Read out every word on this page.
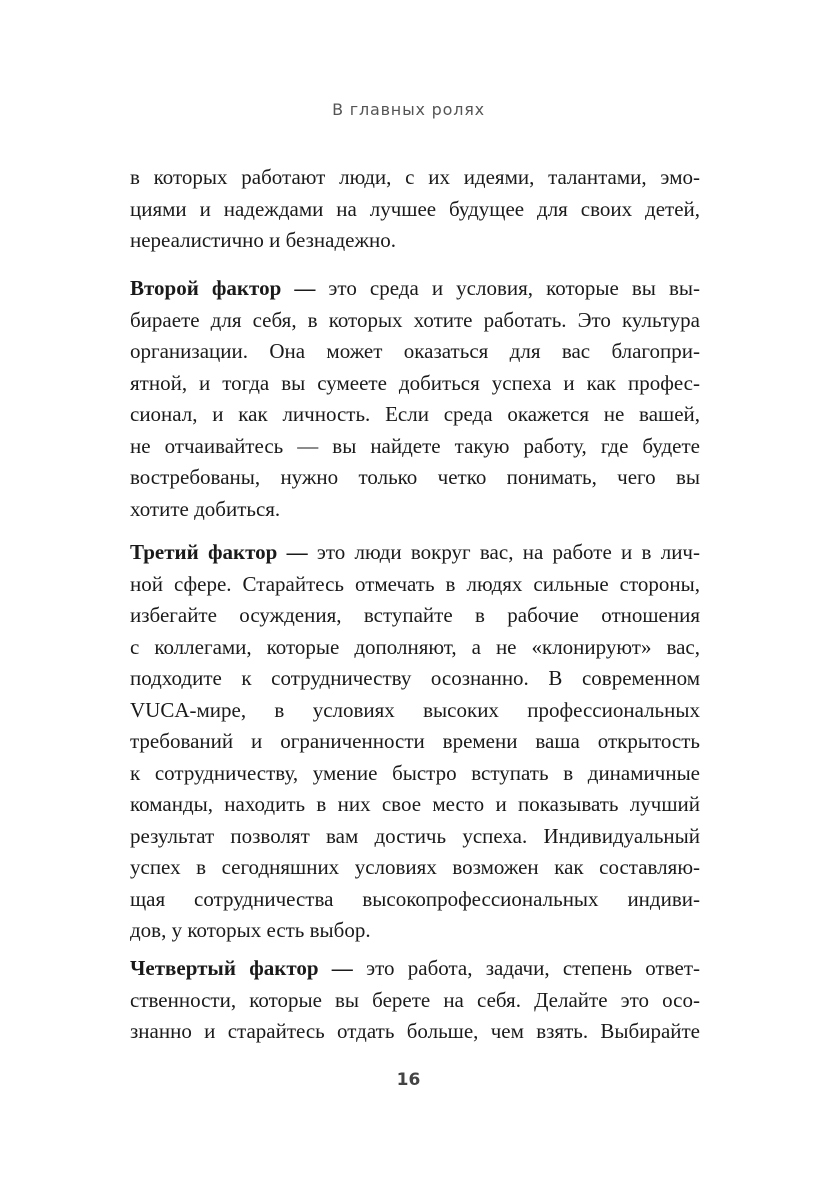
В главных ролях
в которых работают люди, с их идеями, талантами, эмо-
циями и надеждами на лучшее будущее для своих детей,
нереалистично и безнадежно.
Второй фактор — это среда и условия, которые вы вы-
бираете для себя, в которых хотите работать. Это культура
организации. Она может оказаться для вас благопри-
ятной, и тогда вы сумеете добиться успеха и как профес-
сионал, и как личность. Если среда окажется не вашей,
не отчаивайтесь — вы найдете такую работу, где будете
востребованы, нужно только четко понимать, чего вы
хотите добиться.
Третий фактор — это люди вокруг вас, на работе и в лич-
ной сфере. Старайтесь отмечать в людях сильные стороны,
избегайте осуждения, вступайте в рабочие отношения
с коллегами, которые дополняют, а не «клонируют» вас,
подходите к сотрудничеству осознанно. В современном
VUCA-мире, в условиях высоких профессиональных
требований и ограниченности времени ваша открытость
к сотрудничеству, умение быстро вступать в динамичные
команды, находить в них свое место и показывать лучший
результат позволят вам достичь успеха. Индивидуальный
успех в сегодняшних условиях возможен как составляю-
щая сотрудничества высокопрофессиональных индиви-
дов, у которых есть выбор.
Четвертый фактор — это работа, задачи, степень ответ-
ственности, которые вы берете на себя. Делайте это осо-
знанно и старайтесь отдать больше, чем взять. Выбирайте
16
